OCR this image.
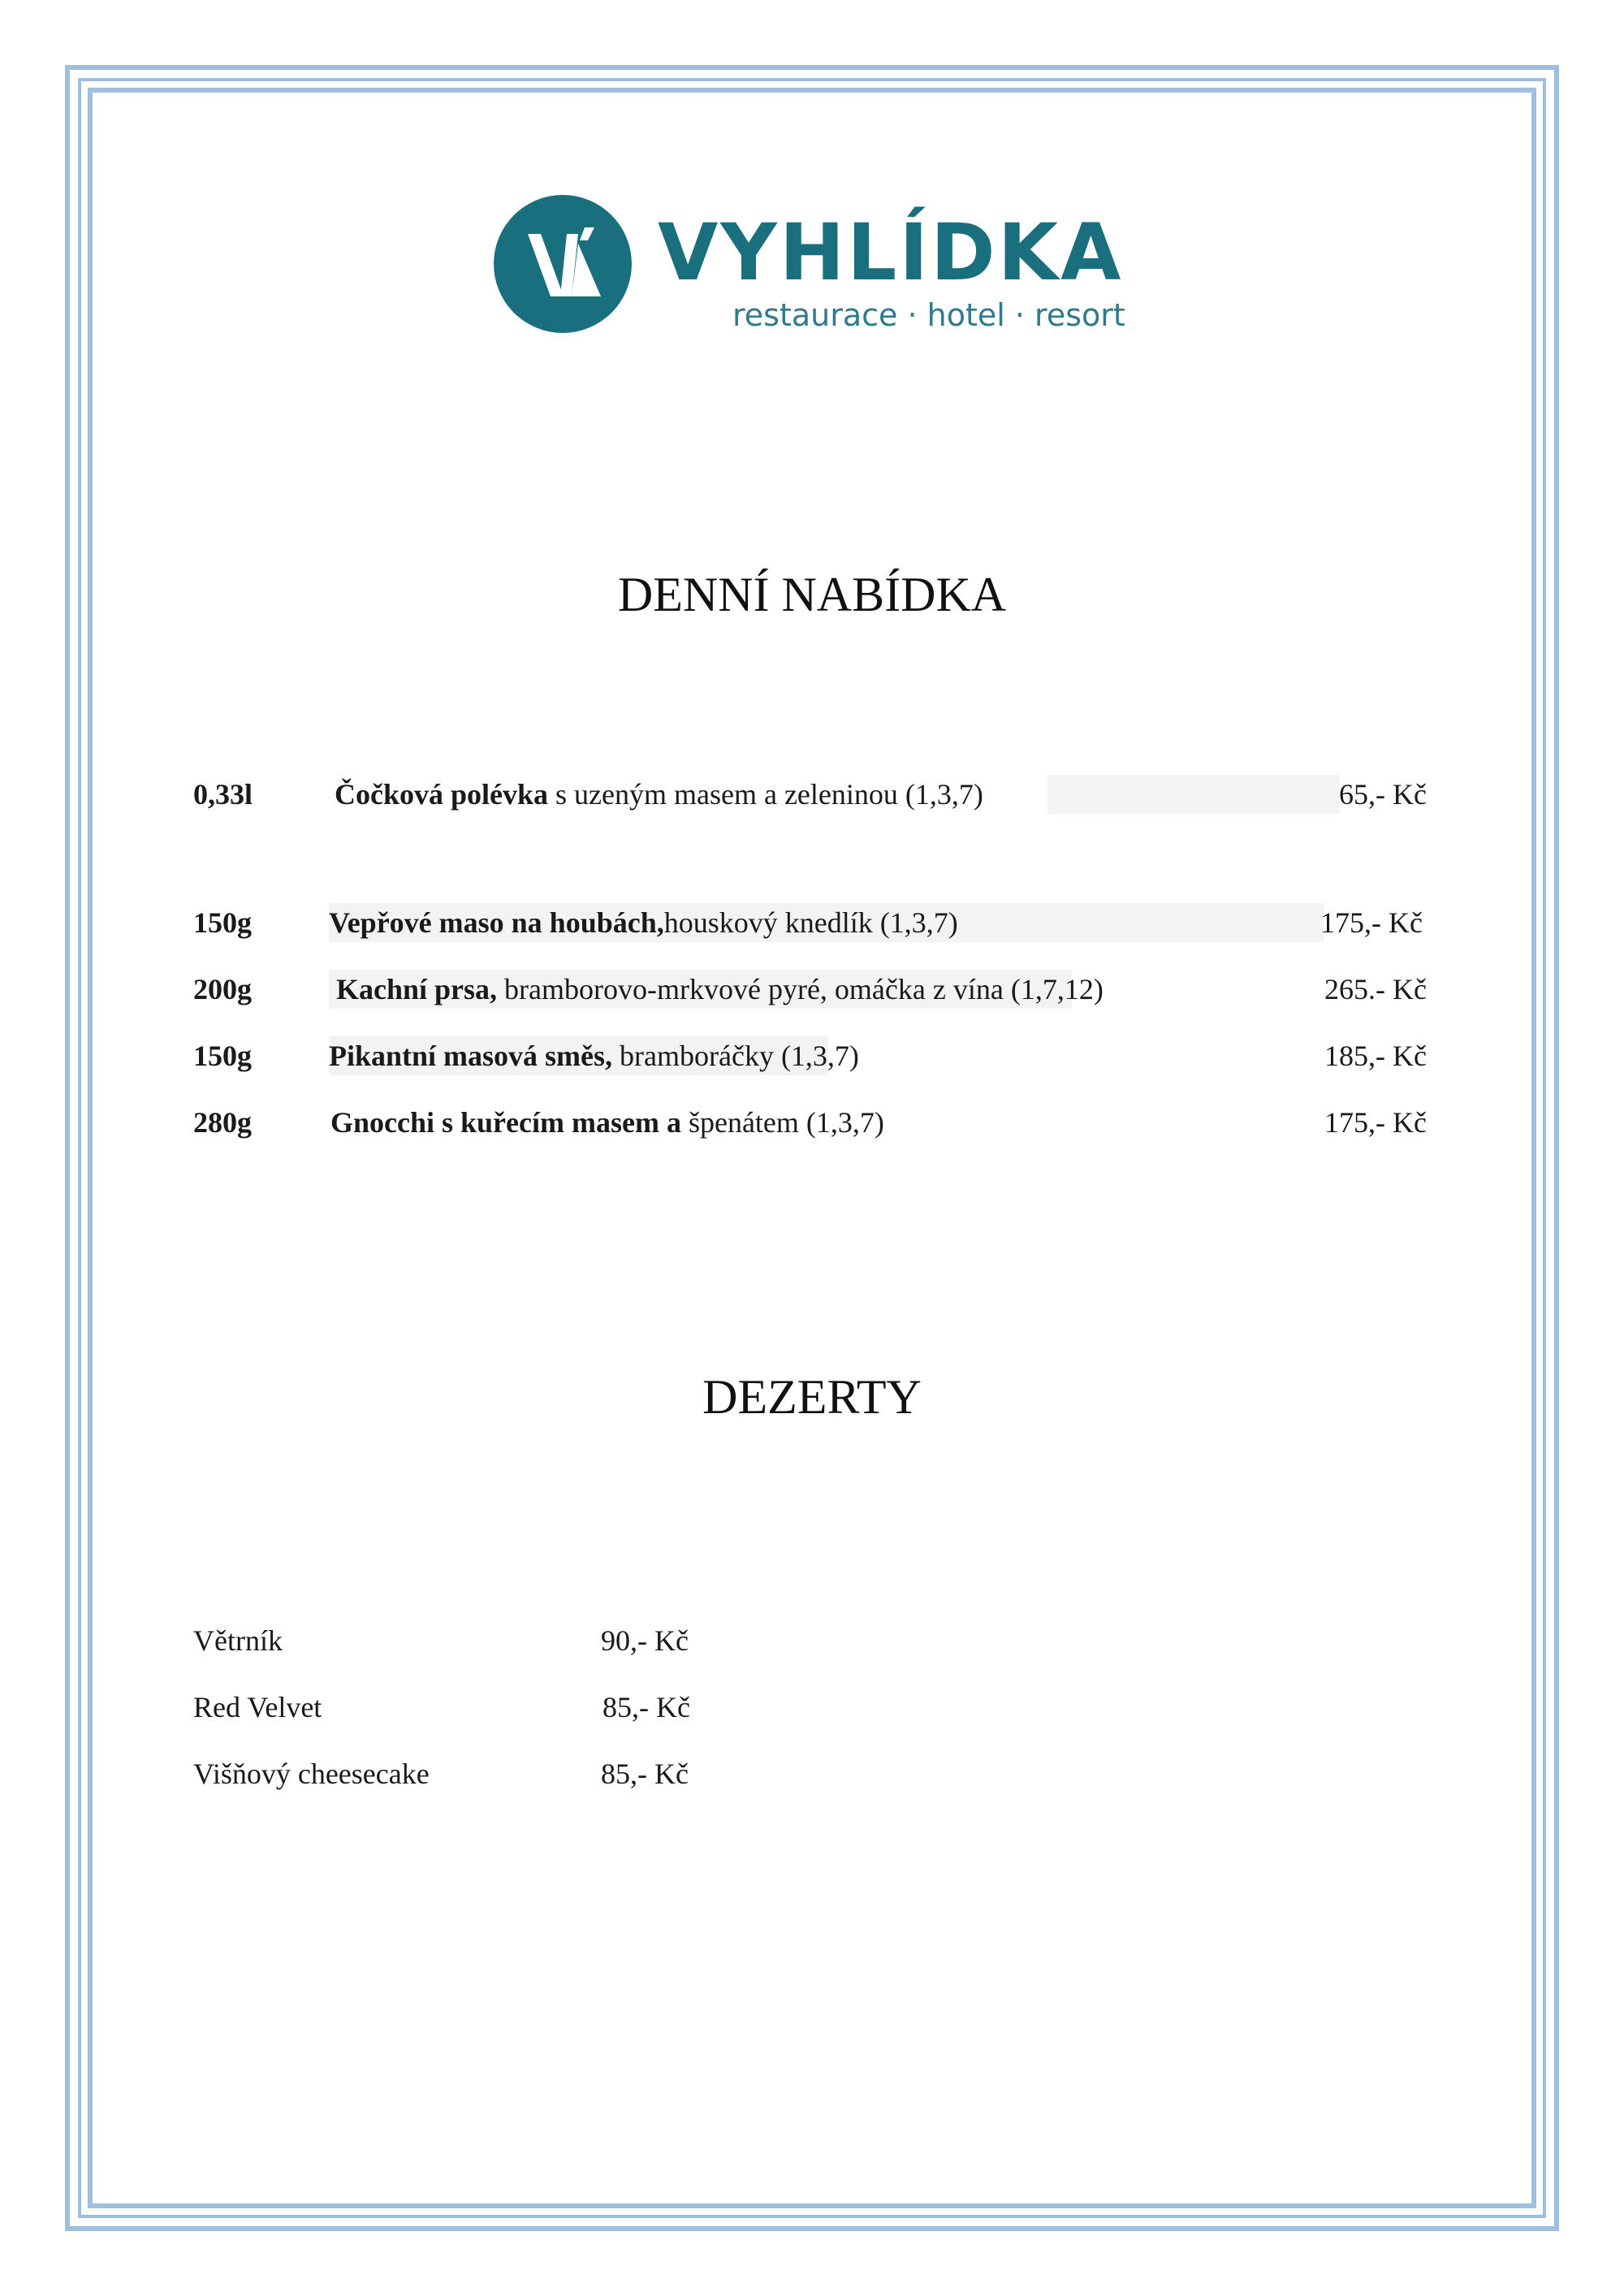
VYHLÍDKA
restaurace · hotel · resort
DENNÍ NABÍDKA
0,33l	Čočková polévka s uzeným masem a zeleninou (1,3,7)	65,- Kč
150g	Vepřové maso na houbách,houskový knedlík (1,3,7)	175,- Kč
200g	Kachní prsa, bramborovo-mrkvové pyré, omáčka z vína (1,7,12)	265.- Kč
150g	Pikantní masová směs, bramboráčky (1,3,7)	185,- Kč
280g	Gnocchi s kuřecím masem a špenátem (1,3,7)	175,- Kč
DEZERTY
Větrník	90,- Kč
Red Velvet	85,- Kč
Višňový cheesecake	85,- Kč
